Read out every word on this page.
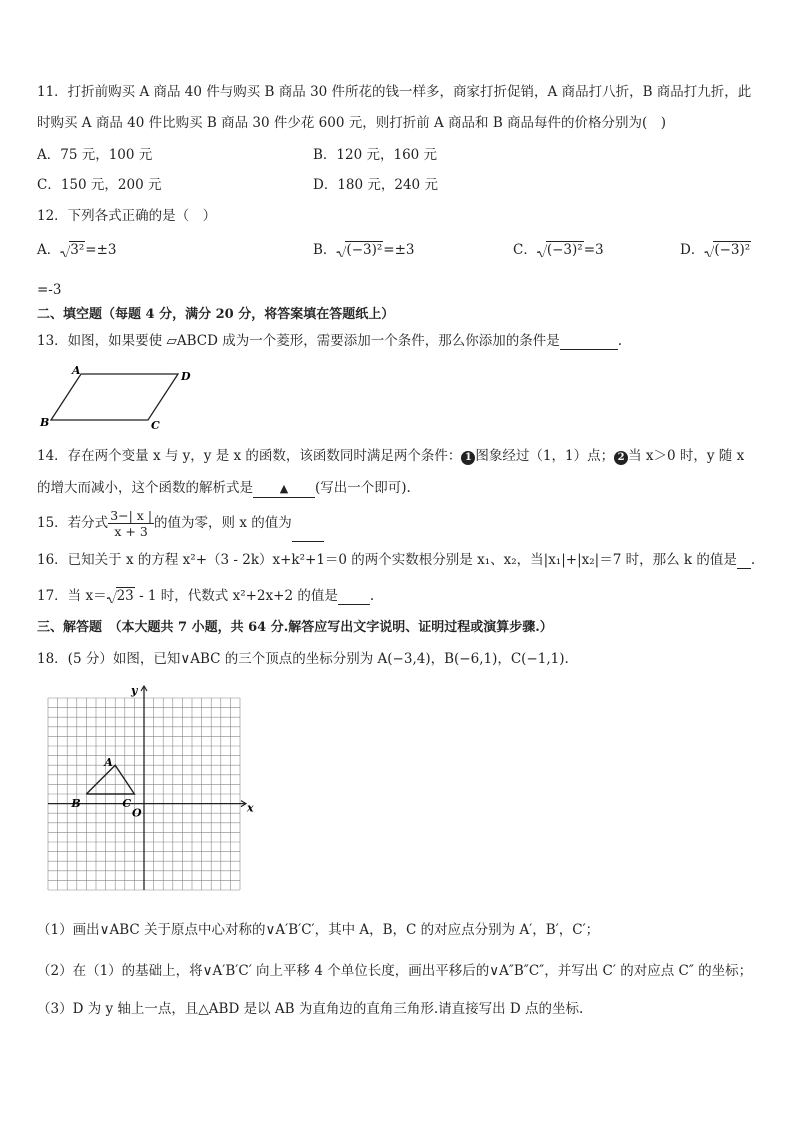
11．打折前购买 A 商品 40 件与购买 B 商品 30 件所花的钱一样多，商家打折促销，A 商品打八折，B 商品打九折，此
时购买 A 商品 40 件比购买 B 商品 30 件少花 600 元，则打折前 A 商品和 B 商品每件的价格分别为(　)
A．75 元，100 元	B．120 元，160 元
C．150 元，200 元	D．180 元，240 元
12．下列各式正确的是（　）
A． 3²=±3	B． (−3)²=±3	C． (−3)²=3	D． (−3)²
=-3
二、填空题（每题 4 分，满分 20 分，将答案填在答题纸上）
13．如图，如果要使 ▱ABCD 成为一个菱形，需要添加一个条件，那么你添加的条件是	.
A	D
B	C
14．存在两个变量 x 与 y，y 是 x 的函数，该函数同时满足两个条件： 1 图象经过（1，1）点； 2 当 x＞0 时，y 随 x
的增大而减小，这个函数的解析式是 ▲ (写出一个即可).
15．若分式 $\frac{3-| x |}{x + 3}$ 的值为零，则 x 的值为
16．已知关于 x 的方程 x²+（3 - 2k）x+k²+1＝0 的两个实数根分别是 x₁、x₂，当|x₁|+|x₂|＝7 时，那么 k 的值是 .
17．当 x＝ 23 - 1 时，代数式 x²+2x+2 的值是 .
三、解答题　（本大题共 7 小题，共 64 分.解答应写出文字说明、证明过程或演算步骤.）
18．(5 分）如图，已知∨ABC 的三个顶点的坐标分别为 A(−3,4)，B(−6,1)，C(−1,1).
y
x
O
A
B	C
（1）画出∨ABC 关于原点中心对称的∨A′B′C′，其中 A，B，C 的对应点分别为 A′，B′，C′；
（2）在（1）的基础上，将∨A′B′C′ 向上平移 4 个单位长度，画出平移后的∨A″B″C″，并写出 C′ 的对应点 C″ 的坐标；
（3）D 为 y 轴上一点，且△ABD 是以 AB 为直角边的直角三角形.请直接写出 D 点的坐标.
